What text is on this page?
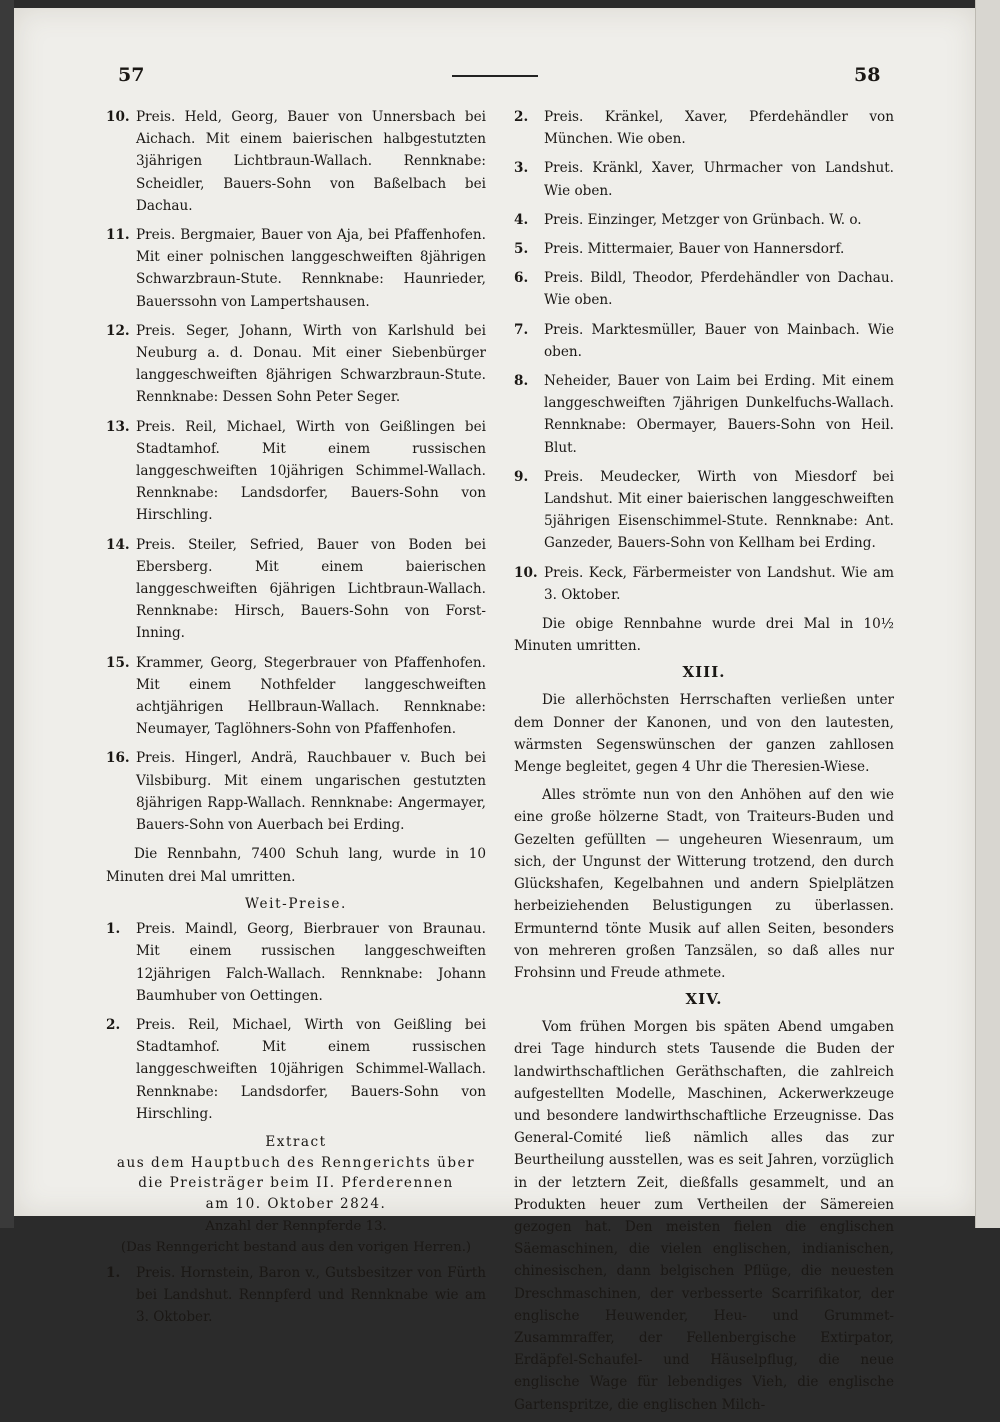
57	58
10. Preis. Held, Georg, Bauer von Unnersbach bei Aichach. Mit einem baierischen halbgestutzten 3jährigen Lichtbraun-Wallach. Rennknabe: Scheidler, Bauers-Sohn von Baßelbach bei Dachau.
11. Preis. Bergmaier, Bauer von Aja, bei Pfaffenhofen. Mit einer polnischen langgeschweiften 8jährigen Schwarzbraun-Stute. Rennknabe: Haunrieder, Bauerssohn von Lampertshausen.
12. Preis. Seger, Johann, Wirth von Karlshuld bei Neuburg a. d. Donau. Mit einer Siebenbürger langgeschweiften 8jährigen Schwarzbraun-Stute. Rennknabe: Dessen Sohn Peter Seger.
13. Preis. Reil, Michael, Wirth von Geißlingen bei Stadtamhof. Mit einem russischen langgeschweiften 10jährigen Schimmel-Wallach. Rennknabe: Landsdorfer, Bauers-Sohn von Hirschling.
14. Preis. Steiler, Sefried, Bauer von Boden bei Ebersberg. Mit einem baierischen langgeschweiften 6jährigen Lichtbraun-Wallach. Rennknabe: Hirsch, Bauers-Sohn von Forst-Inning.
15. Krammer, Georg, Stegerbrauer von Pfaffenhofen. Mit einem Nothfelder langgeschweiften achtjährigen Hellbraun-Wallach. Rennknabe: Neumayer, Taglöhners-Sohn von Pfaffenhofen.
16. Preis. Hingerl, Andrä, Rauchbauer v. Buch bei Vilsbiburg. Mit einem ungarischen gestutzten 8jährigen Rapp-Wallach. Rennknabe: Angermayer, Bauers-Sohn von Auerbach bei Erding.

Die Rennbahn, 7400 Schuh lang, wurde in 10 Minuten drei Mal umritten.

Weit-Preise.
1. Preis. Maindl, Georg, Bierbrauer von Braunau. Mit einem russischen langgeschweiften 12jährigen Falch-Wallach. Rennknabe: Johann Baumhuber von Oettingen.
2. Preis. Reil, Michael, Wirth von Geißling bei Stadtamhof. Mit einem russischen langgeschweiften 10jährigen Schimmel-Wallach. Rennknabe: Landsdorfer, Bauers-Sohn von Hirschling.
Extract
aus dem Hauptbuch des Renngerichts über
die Preisträger beim II. Pferderennen
am 10. Oktober 2824.
Anzahl der Rennpferde 13.
(Das Renngericht bestand aus den vorigen Herren.)
1. Preis. Hornstein, Baron v., Gutsbesitzer von Fürth bei Landshut. Rennpferd und Rennknabe wie am 3. Oktober.
2. Preis. Kränkel, Xaver, Pferdehändler von München. Wie oben.
3. Preis. Kränkl, Xaver, Uhrmacher von Landshut. Wie oben.
4. Preis. Einzinger, Metzger von Grünbach. W. o.
5. Preis. Mittermaier, Bauer von Hannersdorf.
6. Preis. Bildl, Theodor, Pferdehändler von Dachau. Wie oben.
7. Preis. Marktesmüller, Bauer von Mainbach. Wie oben.
8. Neheider, Bauer von Laim bei Erding. Mit einem langgeschweiften 7jährigen Dunkelfuchs-Wallach. Rennknabe: Obermayer, Bauers-Sohn von Heil. Blut.
9. Preis. Meudecker, Wirth von Miesdorf bei Landshut. Mit einer baierischen langgeschweiften 5jährigen Eisenschimmel-Stute. Rennknabe: Ant. Ganzeder, Bauers-Sohn von Kellham bei Erding.
10. Preis. Keck, Färbermeister von Landshut. Wie am 3. Oktober.

Die obige Rennbahne wurde drei Mal in 10½ Minuten umritten.

XIII.

Die allerhöchsten Herrschaften verließen unter dem Donner der Kanonen, und von den lautesten, wärmsten Segenswünschen der ganzen zahllosen Menge begleitet, gegen 4 Uhr die Theresien-Wiese.

Alles strömte nun von den Anhöhen auf den wie eine große hölzerne Stadt, von Traiteurs-Buden und Gezelten gefüllten — ungeheuren Wiesenraum, um sich, der Ungunst der Witterung trotzend, den durch Glückshafen, Kegelbahnen und andern Spielplätzen herbeiziehenden Belustigungen zu überlassen. Ermunternd tönte Musik auf allen Seiten, besonders von mehreren großen Tanzsälen, so daß alles nur Frohsinn und Freude athmete.

XIV.

Vom frühen Morgen bis späten Abend umgaben drei Tage hindurch stets Tausende die Buden der landwirthschaftlichen Geräthschaften, die zahlreich aufgestellten Modelle, Maschinen, Ackerwerkzeuge und besondere landwirthschaftliche Erzeugnisse. Das General-Comité ließ nämlich alles das zur Beurtheilung ausstellen, was es seit Jahren, vorzüglich in der letztern Zeit, dießfalls gesammelt, und an Produkten heuer zum Vertheilen der Sämereien gezogen hat. Den meisten fielen die englischen Säemaschinen, die vielen englischen, indianischen, chinesischen, dann belgischen Pflüge, die neuesten Dreschmaschinen, der verbesserte Scarrifikator, der englische Heuwender, Heu- und Grummet-Zusammraffer, der Fellenbergische Extirpator, Erdäpfel-Schaufel- und Häuselpflug, die neue englische Wage für lebendiges Vieh, die englische Gartenspritze, die englischen Milch-
